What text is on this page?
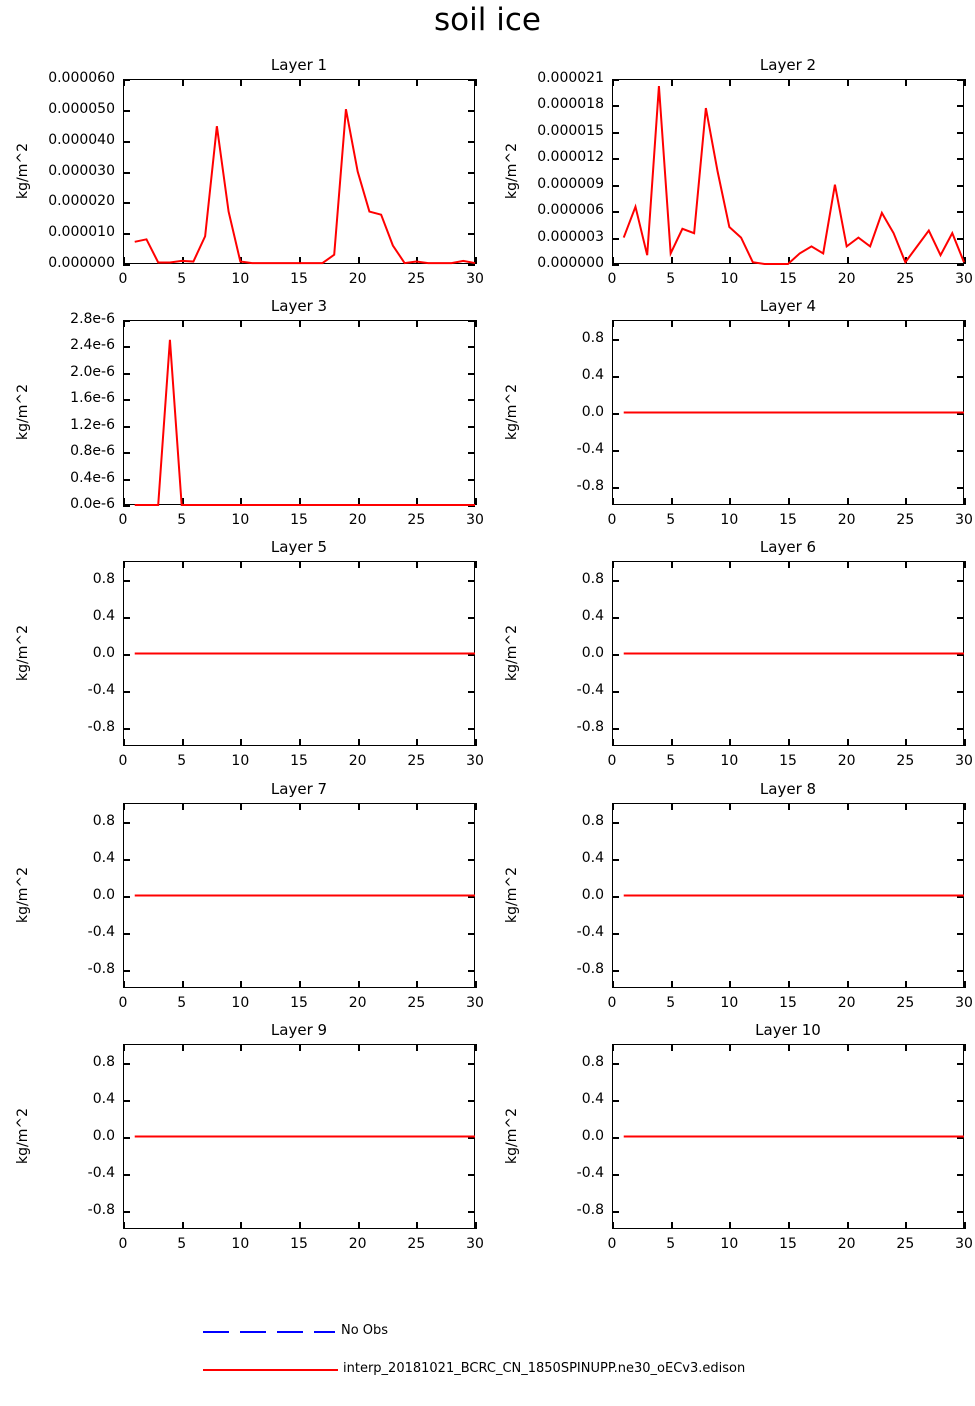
soil ice
Layer 1
kg/m^2
0.000000
0.000010
0.000020
0.000030
0.000040
0.000050
0.000060
0	5	10	15	20	25	30
Layer 2
kg/m^2
0.000000
0.000003
0.000006
0.000009
0.000012
0.000015
0.000018
0.000021
0	5	10	15	20	25	30
Layer 3
kg/m^2
0.0e-6
0.4e-6
0.8e-6
1.2e-6
1.6e-6
2.0e-6
2.4e-6
2.8e-6
0	5	10	15	20	25	30
Layer 4
kg/m^2
-0.8
-0.4
0.0
0.4
0.8
0	5	10	15	20	25	30
Layer 5
kg/m^2
-0.8
-0.4
0.0
0.4
0.8
0	5	10	15	20	25	30
Layer 6
kg/m^2
-0.8
-0.4
0.0
0.4
0.8
0	5	10	15	20	25	30
Layer 7
kg/m^2
-0.8
-0.4
0.0
0.4
0.8
0	5	10	15	20	25	30
Layer 8
kg/m^2
-0.8
-0.4
0.0
0.4
0.8
0	5	10	15	20	25	30
Layer 9
kg/m^2
-0.8
-0.4
0.0
0.4
0.8
0	5	10	15	20	25	30
Layer 10
kg/m^2
-0.8
-0.4
0.0
0.4
0.8
0	5	10	15	20	25	30
No Obs
interp_20181021_BCRC_CN_1850SPINUPP.ne30_oECv3.edison
